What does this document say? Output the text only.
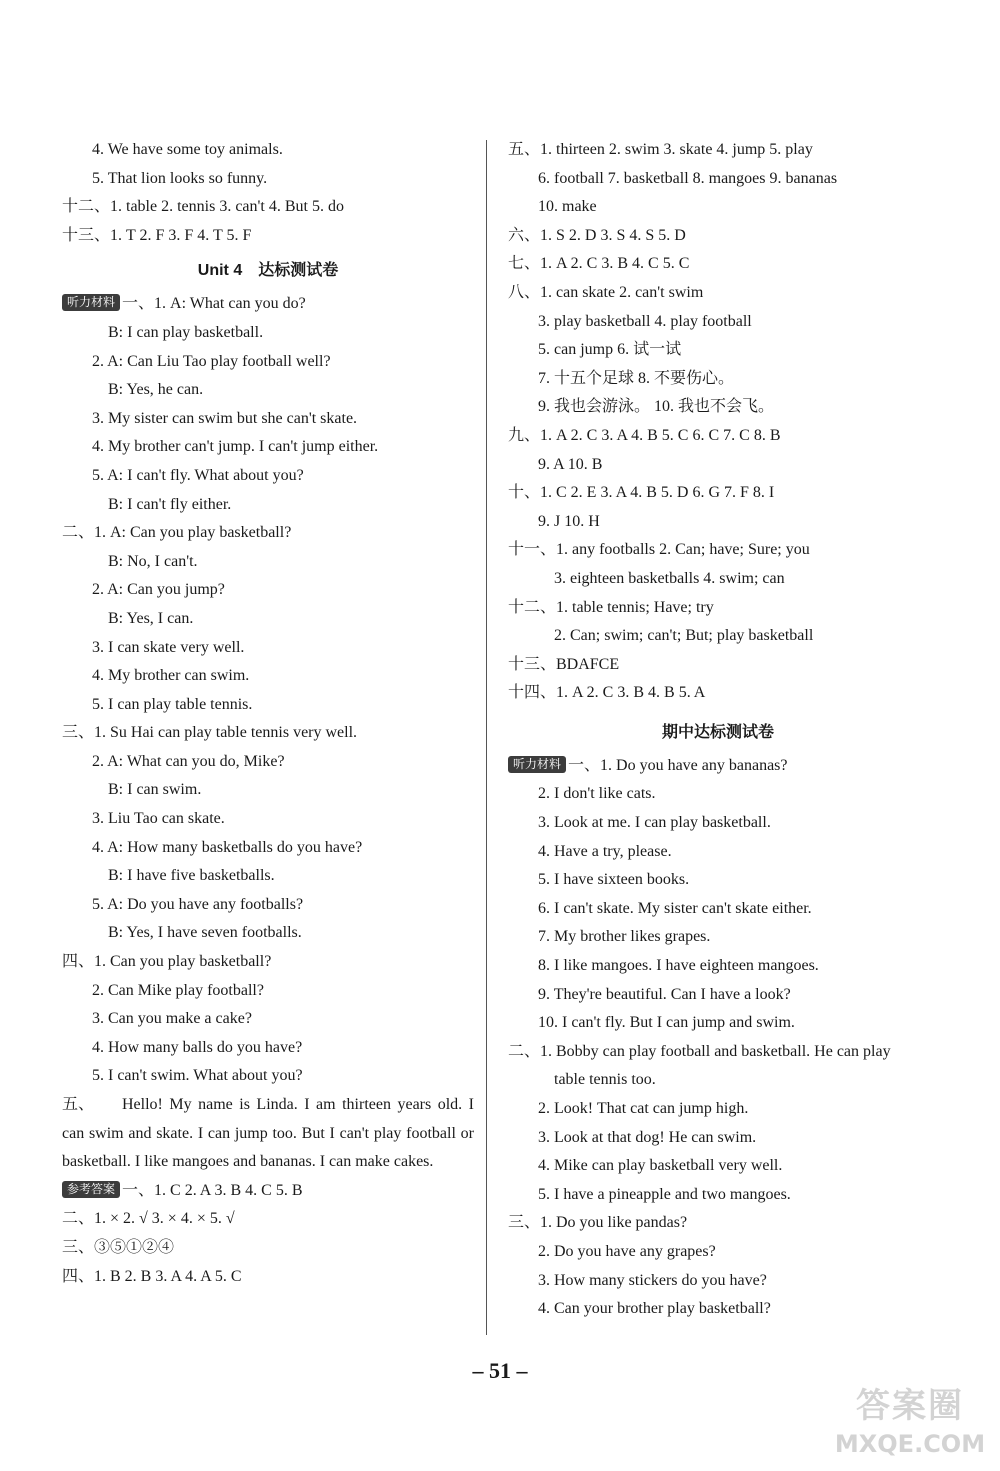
4. We have some toy animals.
5. That lion looks so funny.
十二、1. table 2. tennis 3. can't 4. But 5. do
十三、1. T 2. F 3. F 4. T 5. F
Unit 4　达标测试卷
听力材料 一、1. A: What can you do?
B: I can play basketball.
2. A: Can Liu Tao play football well?
B: Yes, he can.
3. My sister can swim but she can't skate.
4. My brother can't jump. I can't jump either.
5. A: I can't fly. What about you?
B: I can't fly either.
二、1. A: Can you play basketball?
B: No, I can't.
2. A: Can you jump?
B: Yes, I can.
3. I can skate very well.
4. My brother can swim.
5. I can play table tennis.
三、1. Su Hai can play table tennis very well.
2. A: What can you do, Mike?
B: I can swim.
3. Liu Tao can skate.
4. A: How many basketballs do you have?
B: I have five basketballs.
5. A: Do you have any footballs?
B: Yes, I have seven footballs.
四、1. Can you play basketball?
2. Can Mike play football?
3. Can you make a cake?
4. How many balls do you have?
5. I can't swim. What about you?
五、 Hello! My name is Linda. I am thirteen years old. I can swim and skate. I can jump too. But I can't play football or basketball. I like mangoes and bananas. I can make cakes.
参考答案 一、1. C 2. A 3. B 4. C 5. B
二、1. × 2. √ 3. × 4. × 5. √
三、③⑤①②④
四、1. B 2. B 3. A 4. A 5. C
五、1. thirteen 2. swim 3. skate 4. jump 5. play
6. football 7. basketball 8. mangoes 9. bananas
10. make
六、1. S 2. D 3. S 4. S 5. D
七、1. A 2. C 3. B 4. C 5. C
八、1. can skate 2. can't swim
3. play basketball 4. play football
5. can jump 6. 试一试
7. 十五个足球 8. 不要伤心。
9. 我也会游泳。 10. 我也不会飞。
九、1. A 2. C 3. A 4. B 5. C 6. C 7. C 8. B
9. A 10. B
十、1. C 2. E 3. A 4. B 5. D 6. G 7. F 8. I
9. J 10. H
十一、1. any footballs 2. Can; have; Sure; you
3. eighteen basketballs 4. swim; can
十二、1. table tennis; Have; try
2. Can; swim; can't; But; play basketball
十三、BDAFCE
十四、1. A 2. C 3. B 4. B 5. A
期中达标测试卷
听力材料 一、1. Do you have any bananas?
2. I don't like cats.
3. Look at me. I can play basketball.
4. Have a try, please.
5. I have sixteen books.
6. I can't skate. My sister can't skate either.
7. My brother likes grapes.
8. I like mangoes. I have eighteen mangoes.
9. They're beautiful. Can I have a look?
10. I can't fly. But I can jump and swim.
二、1. Bobby can play football and basketball. He can play
table tennis too.
2. Look! That cat can jump high.
3. Look at that dog! He can swim.
4. Mike can play basketball very well.
5. I have a pineapple and two mangoes.
三、1. Do you like pandas?
2. Do you have any grapes?
3. How many stickers do you have?
4. Can your brother play basketball?
– 51 –
答案圈
MXQE.COM
